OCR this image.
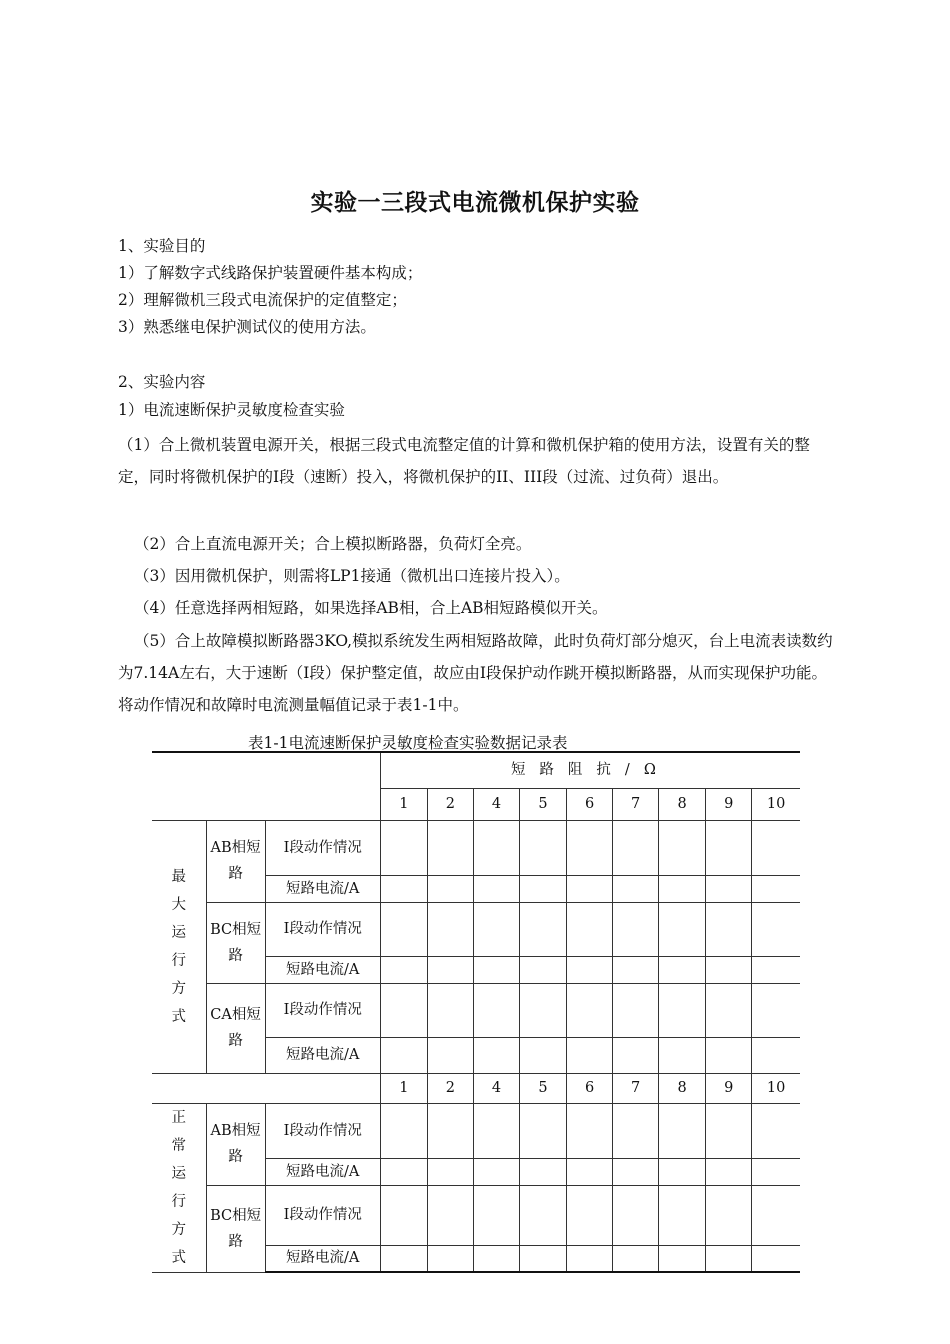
实验一三段式电流微机保护实验
1、实验目的
1）了解数字式线路保护装置硬件基本构成；
2）理解微机三段式电流保护的定值整定；
3）熟悉继电保护测试仪的使用方法。
2、实验内容
1）电流速断保护灵敏度检查实验
（1）合上微机装置电源开关，根据三段式电流整定值的计算和微机保护箱的使用方法，设置有关的整定，同时将微机保护的Ⅰ段（速断）投入，将微机保护的II、III段（过流、过负荷）退出。
（2）合上直流电源开关；合上模拟断路器，负荷灯全亮。
（3）因用微机保护，则需将LP1接通（微机出口连接片投入）。
（4）任意选择两相短路，如果选择AB相，合上AB相短路模似开关。
（5）合上故障模拟断路器3KO,模拟系统发生两相短路故障，此时负荷灯部分熄灭，台上电流表读数约为7.14A左右，大于速断（Ⅰ段）保护整定值，故应由Ⅰ段保护动作跳开模拟断路器，从而实现保护功能。将动作情况和故障时电流测量幅值记录于表1-1中。
表1-1电流速断保护灵敏度检查实验数据记录表
			短路阻抗/Ω								
			1	2	4	5	6	7	8	9	10
最大运行方式	AB相短路	Ⅰ段动作情况									
		短路电流/A									
	BC相短路	Ⅰ段动作情况									
		短路电流/A									
	CA相短路	Ⅰ段动作情况									
		短路电流/A									
			1	2	4	5	6	7	8	9	10
正常运行方式	AB相短路	Ⅰ段动作情况									
		短路电流/A									
	BC相短路	Ⅰ段动作情况									
		短路电流/A									
